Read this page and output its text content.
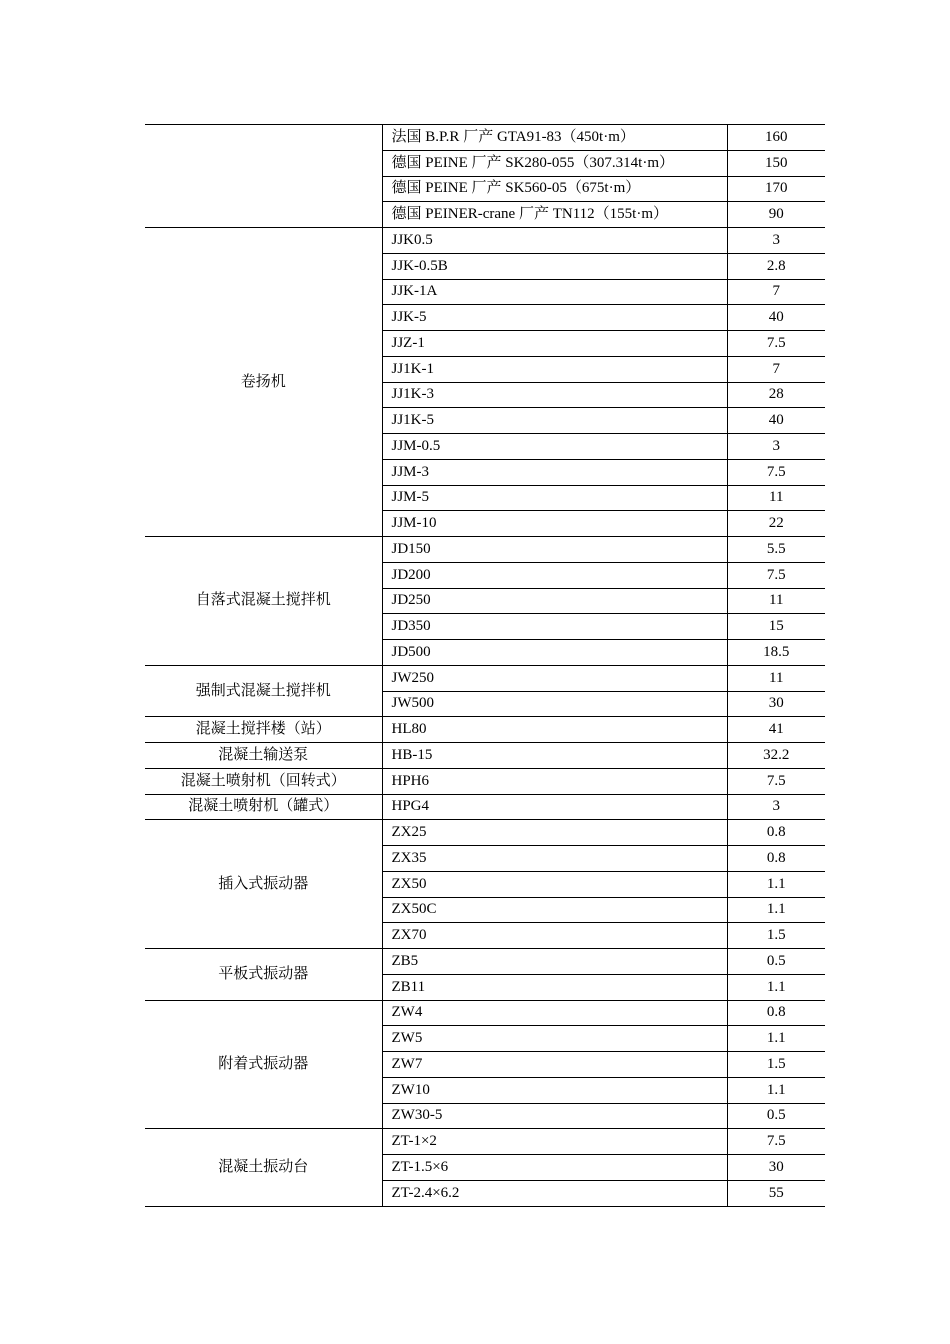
	法国 B.P.R 厂产 GTA91-83（450t·m）	160
	德国 PEINE 厂产 SK280-055（307.314t·m）	150
	德国 PEINE 厂产 SK560-05（675t·m）	170
	德国 PEINER-crane 厂产 TN112（155t·m）	90
卷扬机	JJK0.5	3
	JJK-0.5B	2.8
	JJK-1A	7
	JJK-5	40
	JJZ-1	7.5
	JJ1K-1	7
	JJ1K-3	28
	JJ1K-5	40
	JJM-0.5	3
	JJM-3	7.5
	JJM-5	11
	JJM-10	22
自落式混凝土搅拌机	JD150	5.5
	JD200	7.5
	JD250	11
	JD350	15
	JD500	18.5
强制式混凝土搅拌机	JW250	11
	JW500	30
混凝土搅拌楼（站）	HL80	41
混凝土输送泵	HB-15	32.2
混凝土喷射机（回转式）	HPH6	7.5
混凝土喷射机（罐式）	HPG4	3
插入式振动器	ZX25	0.8
	ZX35	0.8
	ZX50	1.1
	ZX50C	1.1
	ZX70	1.5
平板式振动器	ZB5	0.5
	ZB11	1.1
附着式振动器	ZW4	0.8
	ZW5	1.1
	ZW7	1.5
	ZW10	1.1
	ZW30-5	0.5
混凝土振动台	ZT-1×2	7.5
	ZT-1.5×6	30
	ZT-2.4×6.2	55
